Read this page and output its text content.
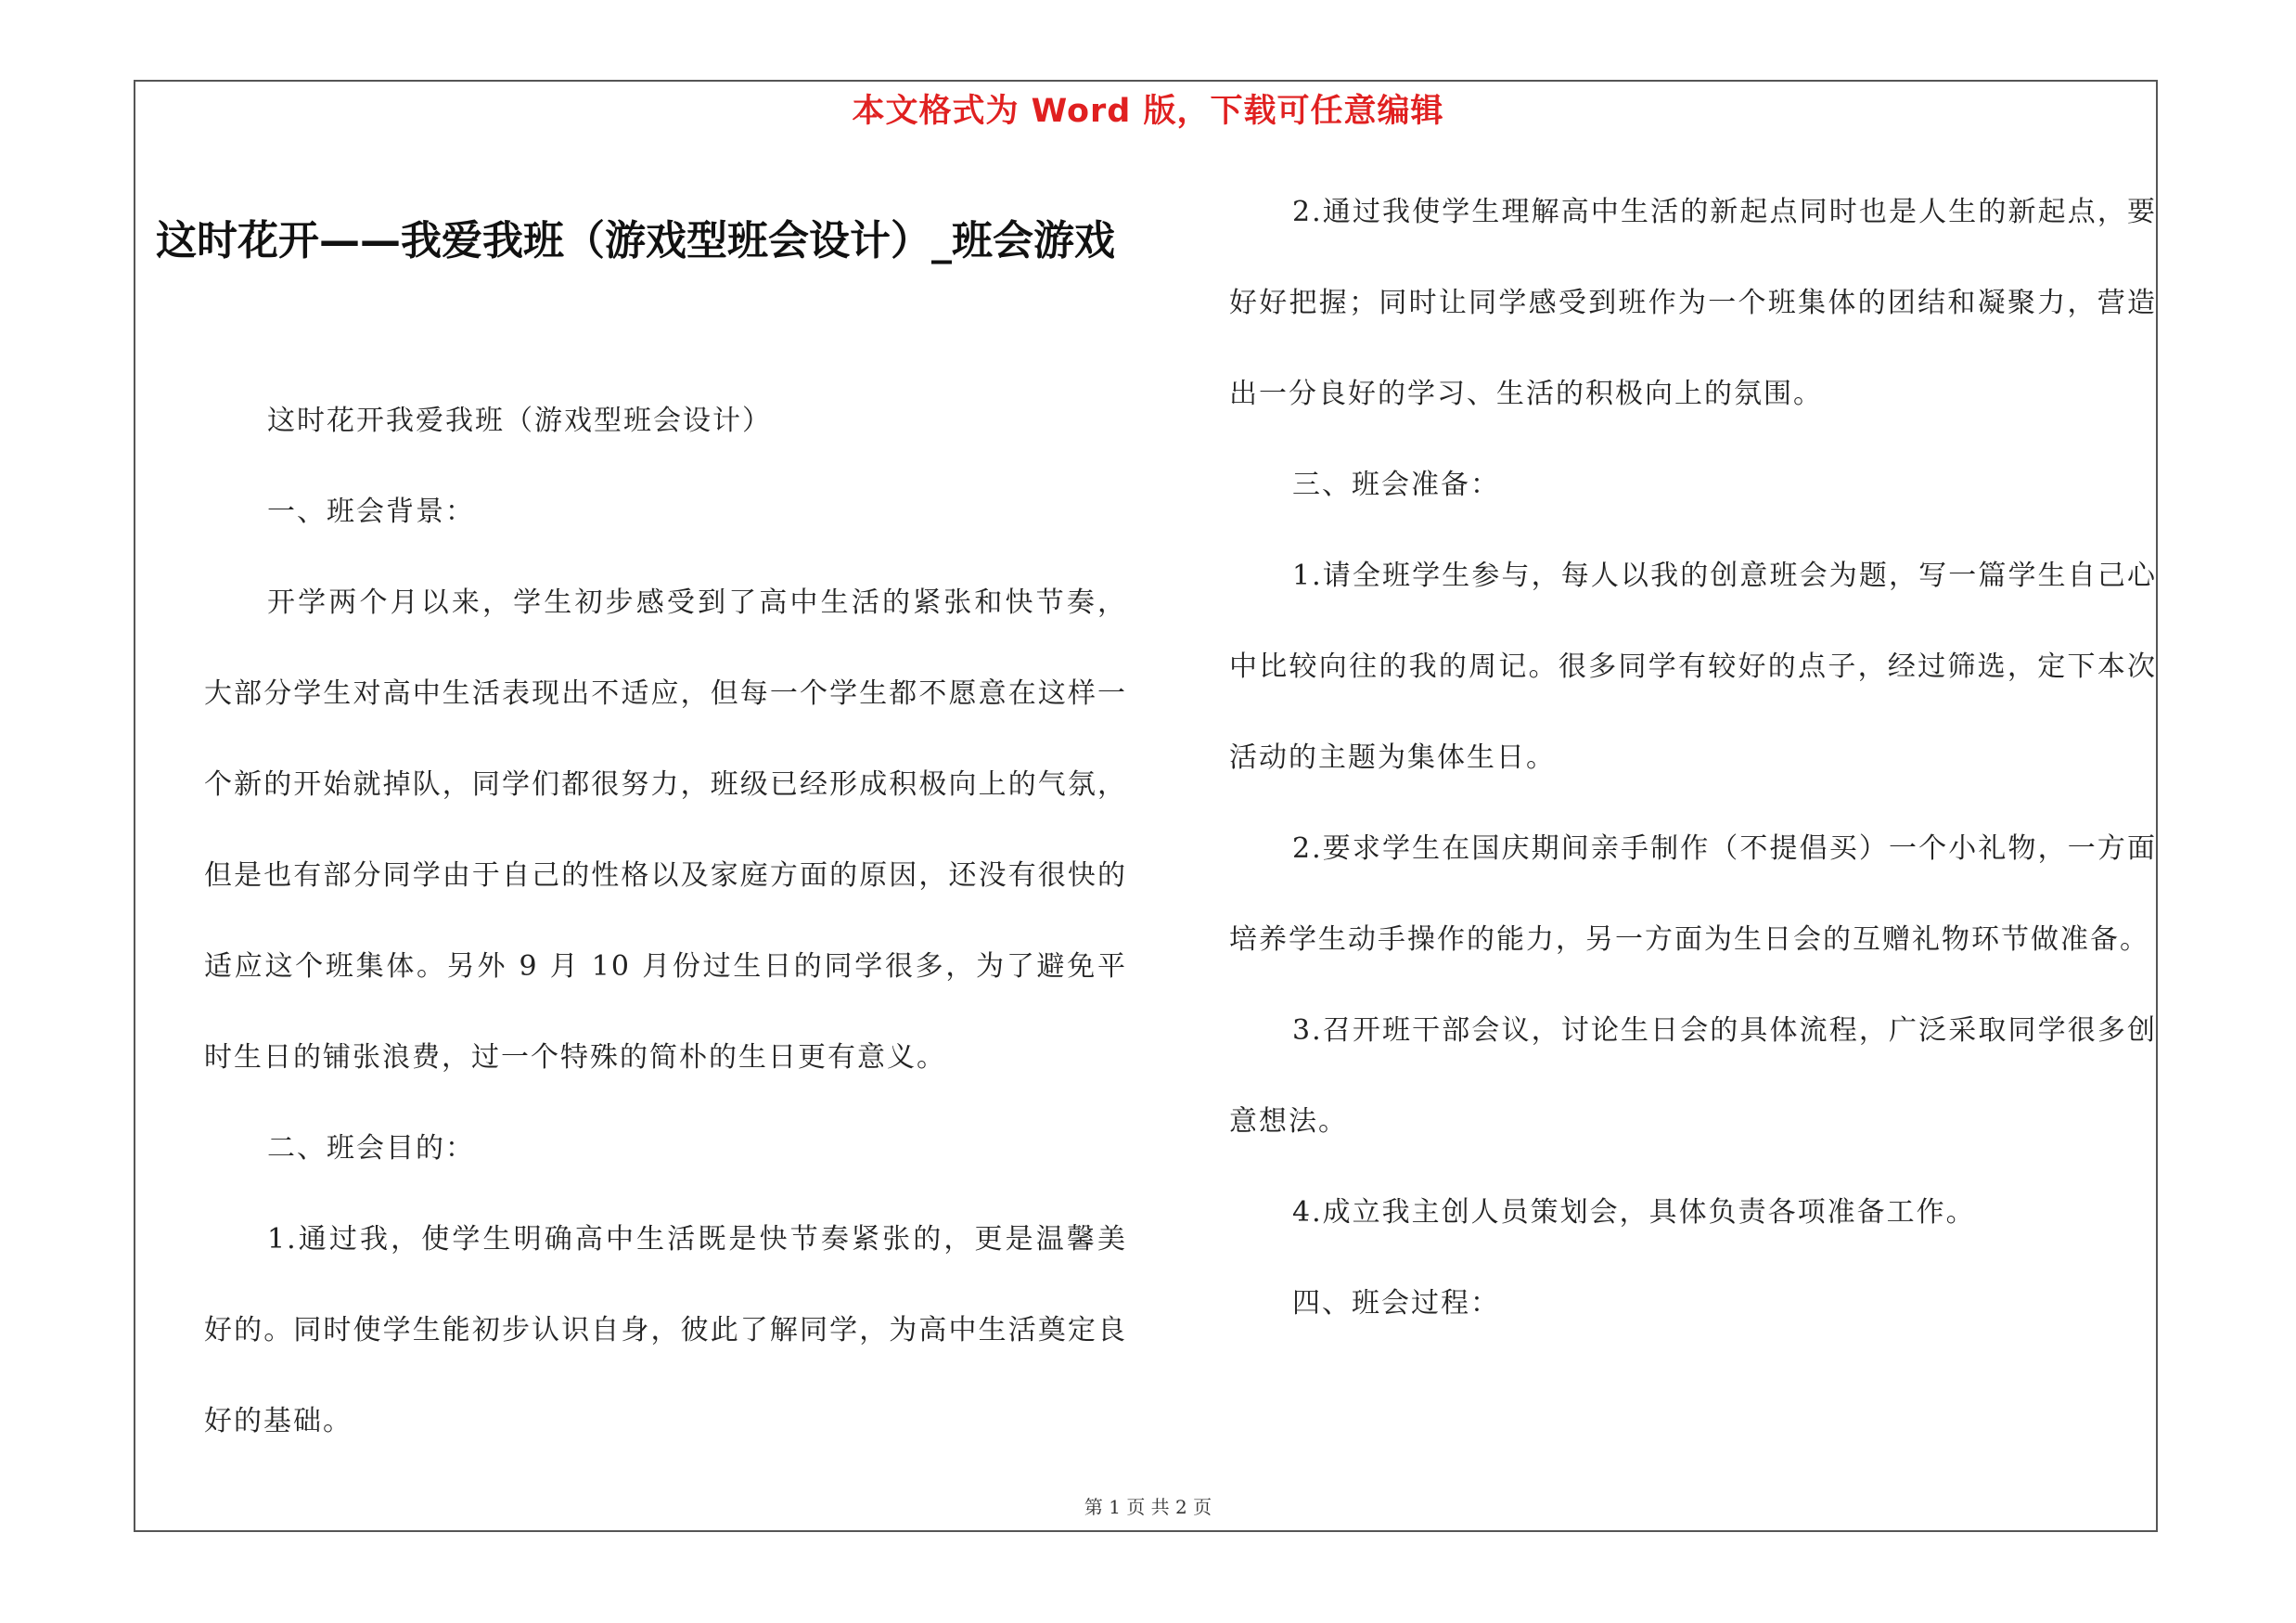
本文格式为 Word 版，下载可任意编辑
这时花开——我爱我班（游戏型班会设计）_班会游戏

这时花开我爱我班（游戏型班会设计）

一、班会背景：

开学两个月以来，学生初步感受到了高中生活的紧张和快节奏，大部分学生对高中生活表现出不适应，但每一个学生都不愿意在这样一个新的开始就掉队，同学们都很努力，班级已经形成积极向上的气氛，但是也有部分同学由于自己的性格以及家庭方面的原因，还没有很快的适应这个班集体。另外 9 月 10 月份过生日的同学很多，为了避免平时生日的铺张浪费，过一个特殊的简朴的生日更有意义。

二、班会目的：

1.通过我，使学生明确高中生活既是快节奏紧张的，更是温馨美好的。同时使学生能初步认识自身，彼此了解同学，为高中生活奠定良好的基础。

2.通过我使学生理解高中生活的新起点同时也是人生的新起点，要好好把握；同时让同学感受到班作为一个班集体的团结和凝聚力，营造出一分良好的学习、生活的积极向上的氛围。

三、班会准备：

1.请全班学生参与，每人以我的创意班会为题，写一篇学生自己心中比较向往的我的周记。很多同学有较好的点子，经过筛选，定下本次活动的主题为集体生日。

2.要求学生在国庆期间亲手制作（不提倡买）一个小礼物，一方面培养学生动手操作的能力，另一方面为生日会的互赠礼物环节做准备。

3.召开班干部会议，讨论生日会的具体流程，广泛采取同学很多创意想法。

4.成立我主创人员策划会，具体负责各项准备工作。

四、班会过程：

第 1 页 共 2 页
